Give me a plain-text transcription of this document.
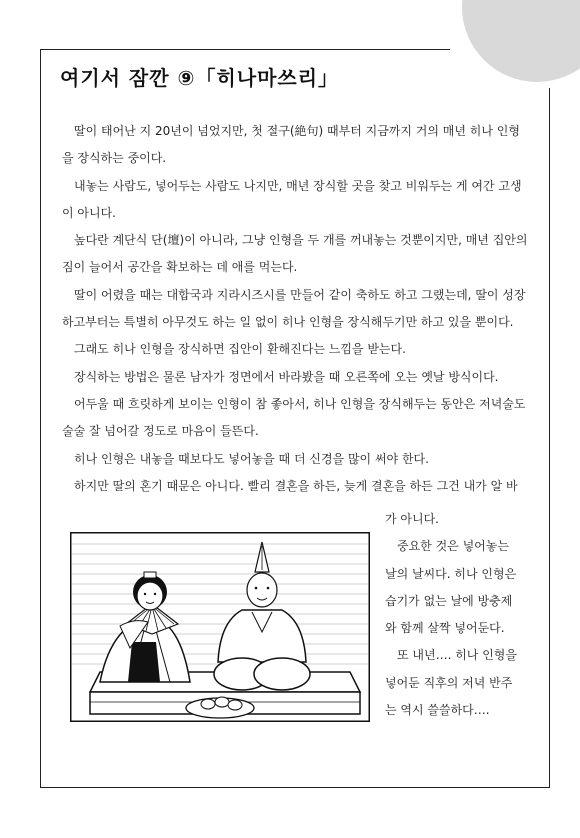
여기서 잠깐 ⑨「히나마쓰리」

딸이 태어난 지 20년이 넘었지만, 첫 절구(絶句) 때부터 지금까지 거의 매년 히나 인형을 장식하는 중이다.

내놓는 사람도, 넣어두는 사람도 나지만, 매년 장식할 곳을 찾고 비워두는 게 여간 고생이 아니다.

높다란 계단식 단(壇)이 아니라, 그냥 인형을 두 개를 꺼내놓는 것뿐이지만, 매년 집안의 짐이 늘어서 공간을 확보하는 데 애를 먹는다.

딸이 어렸을 때는 대합국과 지라시즈시를 만들어 같이 축하도 하고 그랬는데, 딸이 성장하고부터는 특별히 아무것도 하는 일 없이 히나 인형을 장식해두기만 하고 있을 뿐이다.

그래도 히나 인형을 장식하면 집안이 환해진다는 느낌을 받는다.

장식하는 방법은 물론 남자가 정면에서 바라봤을 때 오른쪽에 오는 옛날 방식이다.

어두울 때 흐릿하게 보이는 인형이 참 좋아서, 히나 인형을 장식해두는 동안은 저녁술도 술술 잘 넘어갈 정도로 마음이 들뜬다.

히나 인형은 내놓을 때보다도 넣어놓을 때 더 신경을 많이 써야 한다.

하지만 딸의 혼기 때문은 아니다. 빨리 결혼을 하든, 늦게 결혼을 하든 그건 내가 알 바

가 아니다.

중요한 것은 넣어놓는 날의 날씨다. 히나 인형은 습기가 없는 날에 방충제와 함께 살짝 넣어둔다.

또 내년…. 히나 인형을 넣어둔 직후의 저녁 반주는 역시 쓸쓸하다….
